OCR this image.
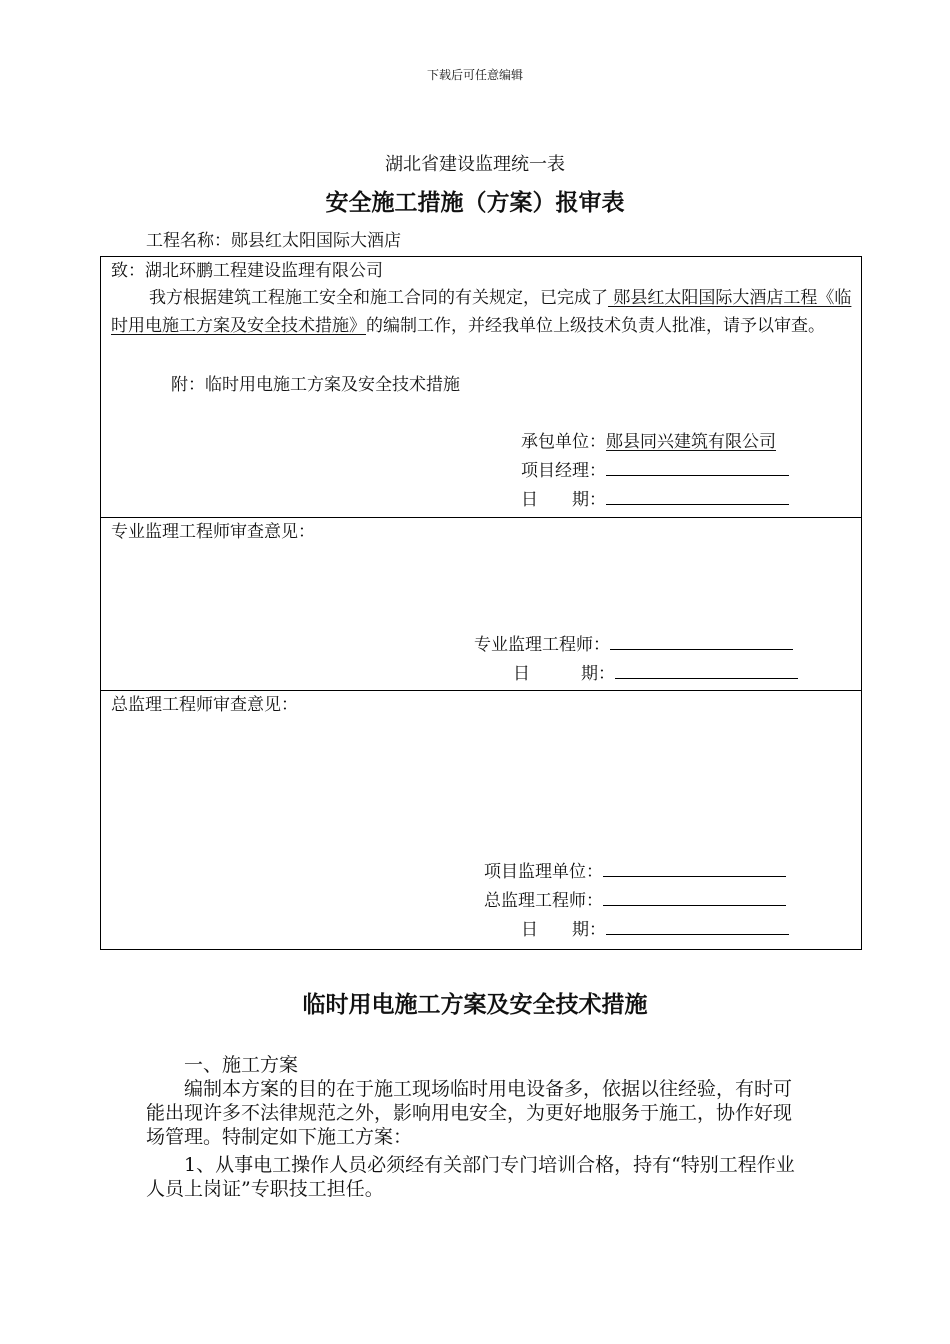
下载后可任意编辑
湖北省建设监理统一表
安全施工措施（方案）报审表
工程名称：郧县红太阳国际大酒店
致：湖北环鹏工程建设监理有限公司
我方根据建筑工程施工安全和施工合同的有关规定，已完成了 郧县红太阳国际大酒店工程《临时用电施工方案及安全技术措施》的编制工作，并经我单位上级技术负责人批准，请予以审查。
附：临时用电施工方案及安全技术措施
承包单位：郧县同兴建筑有限公司
项目经理：
日　　期：
专业监理工程师审查意见：
专业监理工程师：
日　　　期：
总监理工程师审查意见：
项目监理单位：
总监理工程师：
日　　期：
临时用电施工方案及安全技术措施
一、施工方案
编制本方案的目的在于施工现场临时用电设备多，依据以往经验，有时可能出现许多不法律规范之外，影响用电安全，为更好地服务于施工，协作好现场管理。特制定如下施工方案：
1、从事电工操作人员必须经有关部门专门培训合格，持有“特别工程作业人员上岗证”专职技工担任。
